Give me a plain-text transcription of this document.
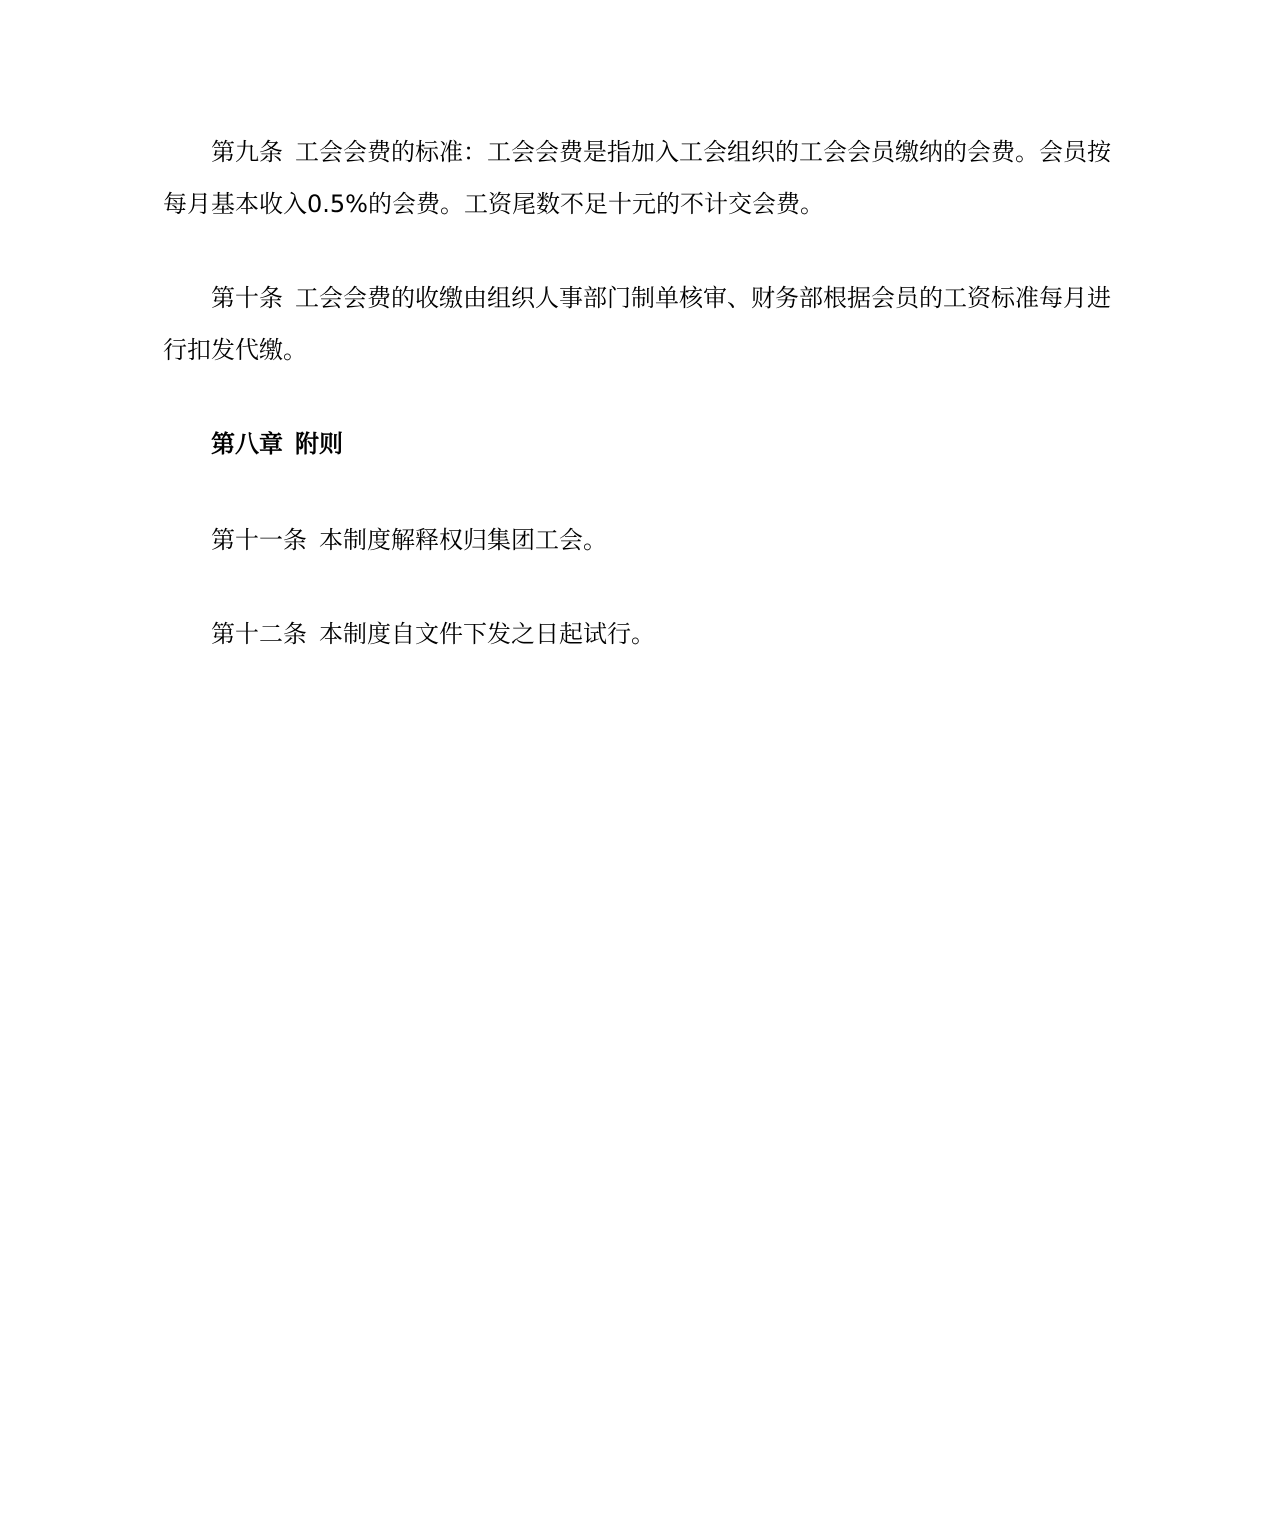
第九条 工会会费的标准：工会会费是指加入工会组织的工会会员缴纳的会费。会员按每月基本收入0.5%的会费。工资尾数不足十元的不计交会费。

第十条 工会会费的收缴由组织人事部门制单核审、财务部根据会员的工资标准每月进行扣发代缴。

第八章 附则

第十一条 本制度解释权归集团工会。

第十二条 本制度自文件下发之日起试行。
